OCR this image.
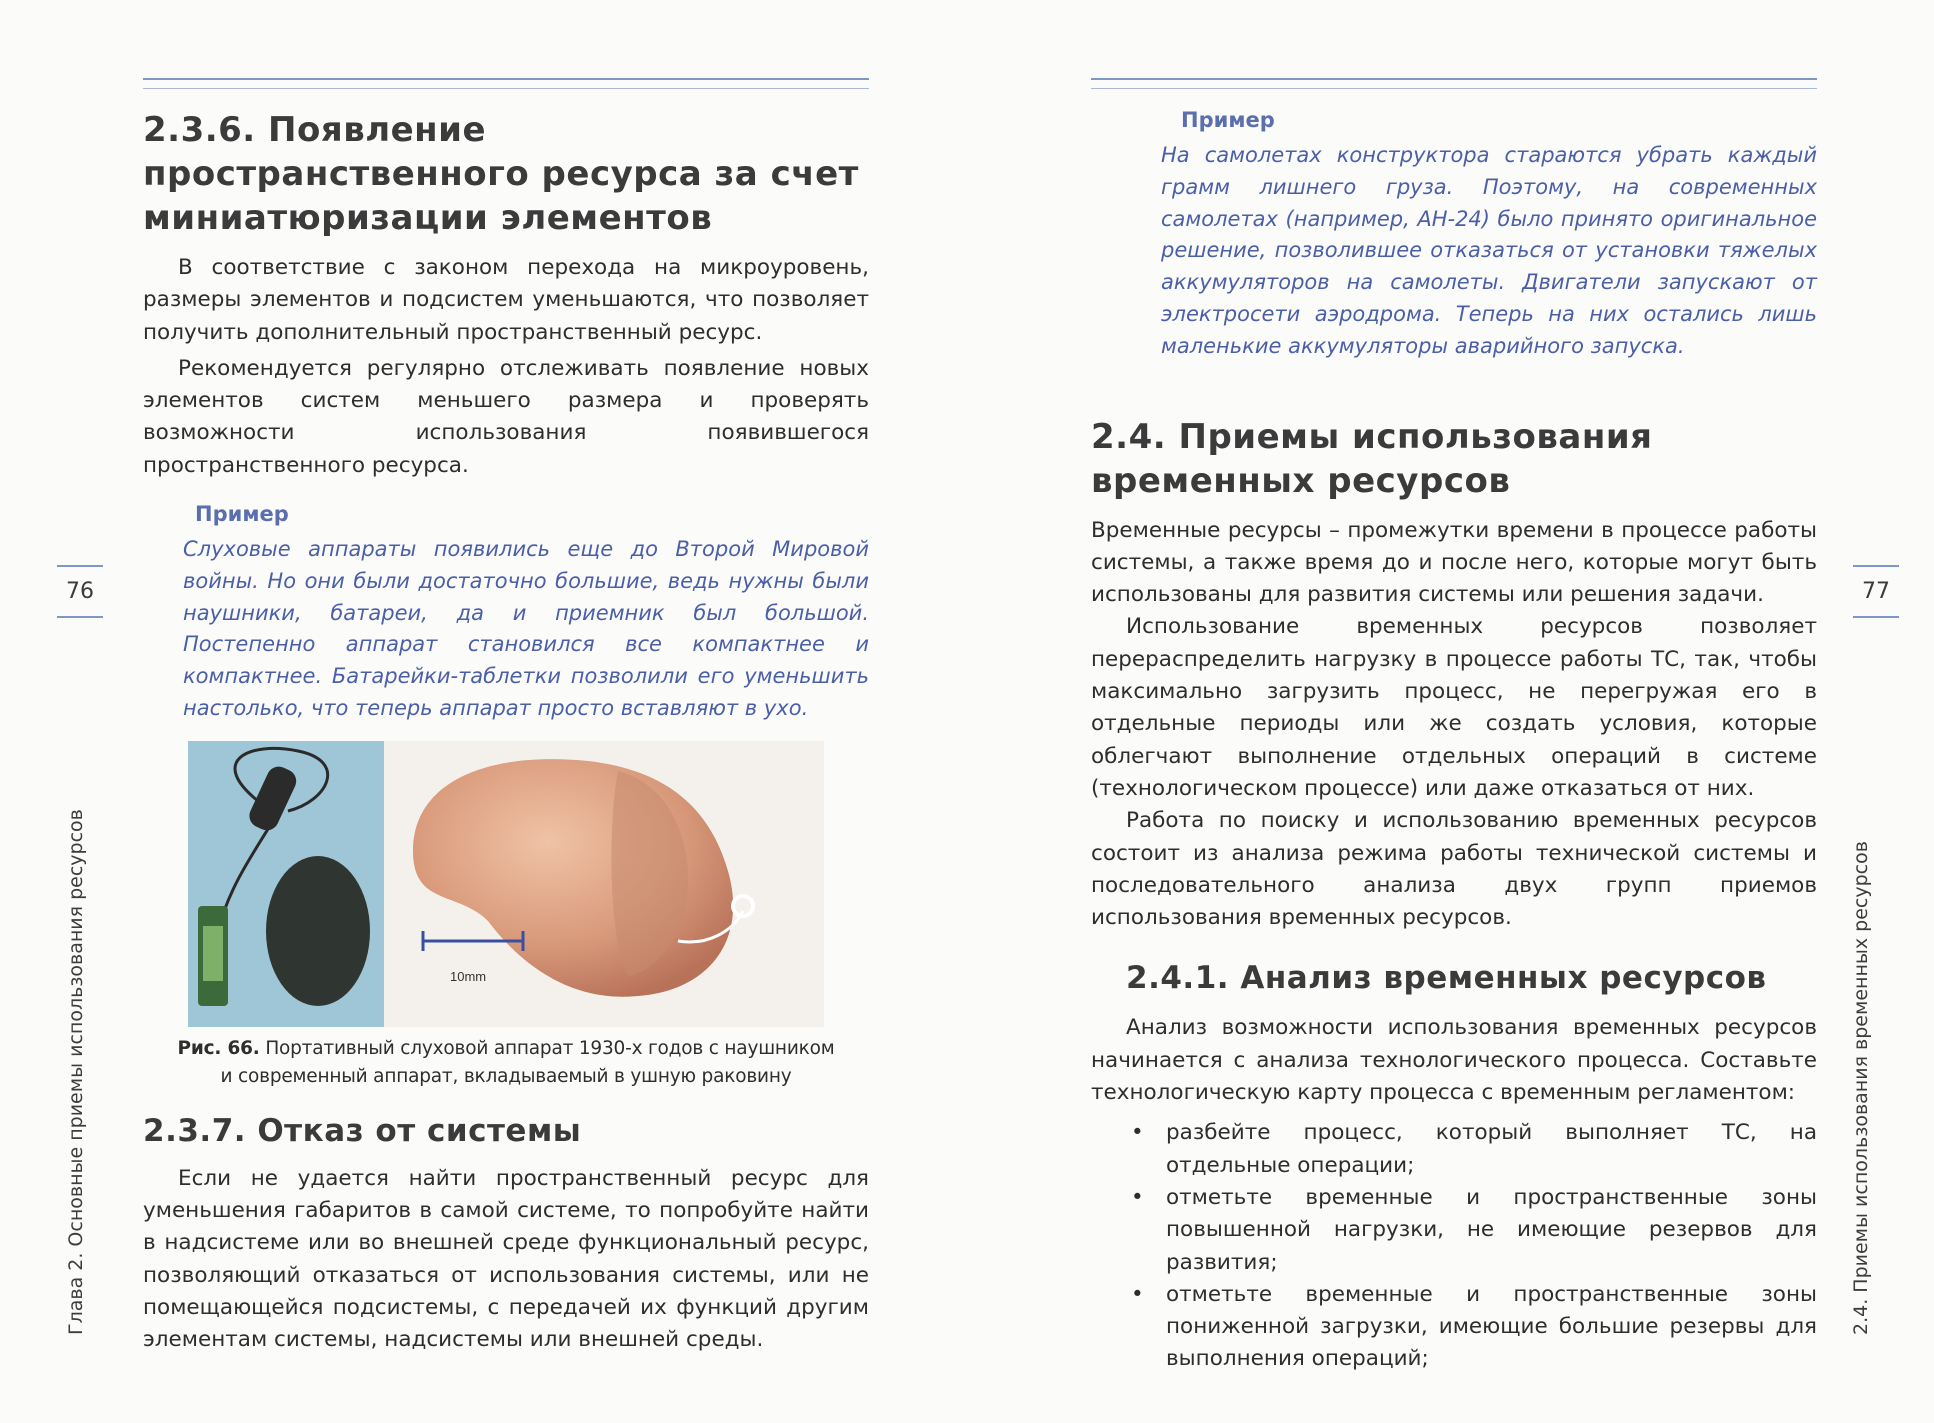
2.3.6. Появление пространственного ресурса за счет миниатюризации элементов

В соответствие с законом перехода на микроуровень, размеры элементов и подсистем уменьшаются, что позволяет получить дополнительный пространственный ресурс.

Рекомендуется регулярно отслеживать появление новых элементов систем меньшего размера и проверять возможности использования появившегося пространственного ресурса.

Пример
Слуховые аппараты появились еще до Второй Мировой войны. Но они были достаточно большие, ведь нужны были наушники, батареи, да и приемник был большой. Постепенно аппарат становился все компактнее и компактнее. Батарейки-таблетки позволили его уменьшить настолько, что теперь аппарат просто вставляют в ухо.
10mm
Рис. 66. Портативный слуховой аппарат 1930-х годов с наушником
и современный аппарат, вкладываемый в ушную раковину
2.3.7. Отказ от системы

Если не удается найти пространственный ресурс для уменьшения габаритов в самой системе, то попробуйте найти в надсистеме или во внешней среде функциональный ресурс, позволяющий отказаться от использования системы, или не помещающейся подсистемы, с передачей их функций другим элементам системы, надсистемы или внешней среды.

76
Глава 2. Основные приемы использования ресурсов
Пример
На самолетах конструктора стараются убрать каждый грамм лишнего груза. Поэтому, на современных самолетах (например, АН-24) было принято оригинальное решение, позволившее отказаться от установки тяжелых аккумуляторов на самолеты. Двигатели запускают от электросети аэродрома. Теперь на них остались лишь маленькие аккумуляторы аварийного запуска.
2.4. Приемы использования временных ресурсов

Временные ресурсы – промежутки времени в процессе работы системы, а также время до и после него, которые могут быть использованы для развития системы или решения задачи.

Использование временных ресурсов позволяет перераспределить нагрузку в процессе работы ТС, так, чтобы максимально загрузить процесс, не перегружая его в отдельные периоды или же создать условия, которые облегчают выполнение отдельных операций в системе (технологическом процессе) или даже отказаться от них.

Работа по поиску и использованию временных ресурсов состоит из анализа режима работы технической системы и последовательного анализа двух групп приемов использования временных ресурсов.

2.4.1. Анализ временных ресурсов

Анализ возможности использования временных ресурсов начинается с анализа технологического процесса. Составьте технологическую карту процесса с временным регламентом:

• разбейте процесс, который выполняет ТС, на отдельные операции;
• отметьте временные и пространственные зоны повышенной нагрузки, не имеющие резервов для развития;
• отметьте временные и пространственные зоны пониженной загрузки, имеющие большие резервы для выполнения операций;
77
2.4. Приемы использования временных ресурсов
